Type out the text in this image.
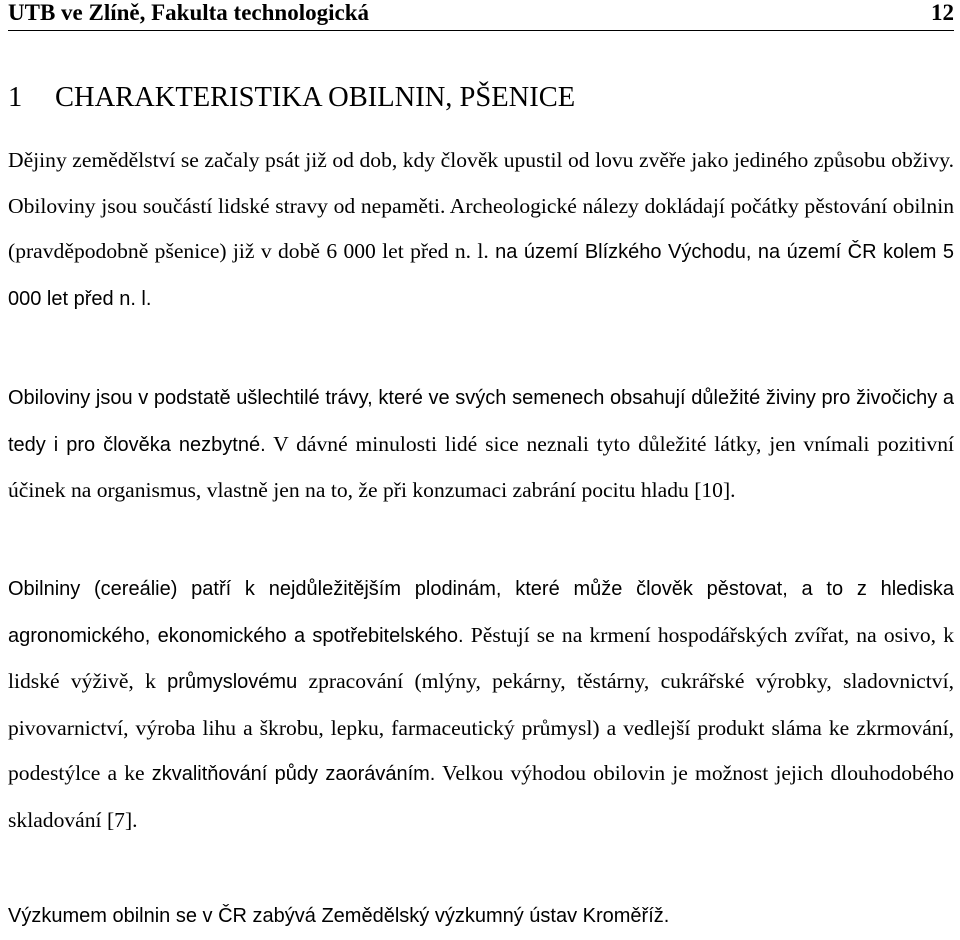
UTB ve Zlíně, Fakulta technologická	12
1 CHARAKTERISTIKA OBILNIN, PŠENICE

Dějiny zemědělství se začaly psát již od dob, kdy člověk upustil od lovu zvěře jako jediného způsobu obživy. Obiloviny jsou součástí lidské stravy od nepaměti. Archeologické nálezy dokládají počátky pěstování obilnin (pravděpodobně pšenice) již v době 6 000 let před n. l. na území Blízkého Východu, na území ČR kolem 5 000 let před n. l.

Obiloviny jsou v podstatě ušlechtilé trávy, které ve svých semenech obsahují důležité živiny pro živočichy a tedy i pro člověka nezbytné. V dávné minulosti lidé sice neznali tyto důležité látky, jen vnímali pozitivní účinek na organismus, vlastně jen na to, že při konzumaci zabrání pocitu hladu [10].

Obilniny (cereálie) patří k nejdůležitějším plodinám, které může člověk pěstovat, a to z hlediska agronomického, ekonomického a spotřebitelského. Pěstují se na krmení hospodářských zvířat, na osivo, k lidské výživě, k průmyslovému zpracování (mlýny, pekárny, těstárny, cukrářské výrobky, sladovnictví, pivovarnictví, výroba lihu a škrobu, lepku, farmaceutický průmysl) a vedlejší produkt sláma ke zkrmování, podestýlce a ke zkvalitňování půdy zaoráváním. Velkou výhodou obilovin je možnost jejich dlouhodobého skladování [7].

Výzkumem obilnin se v ČR zabývá Zemědělský výzkumný ústav Kroměříž.
